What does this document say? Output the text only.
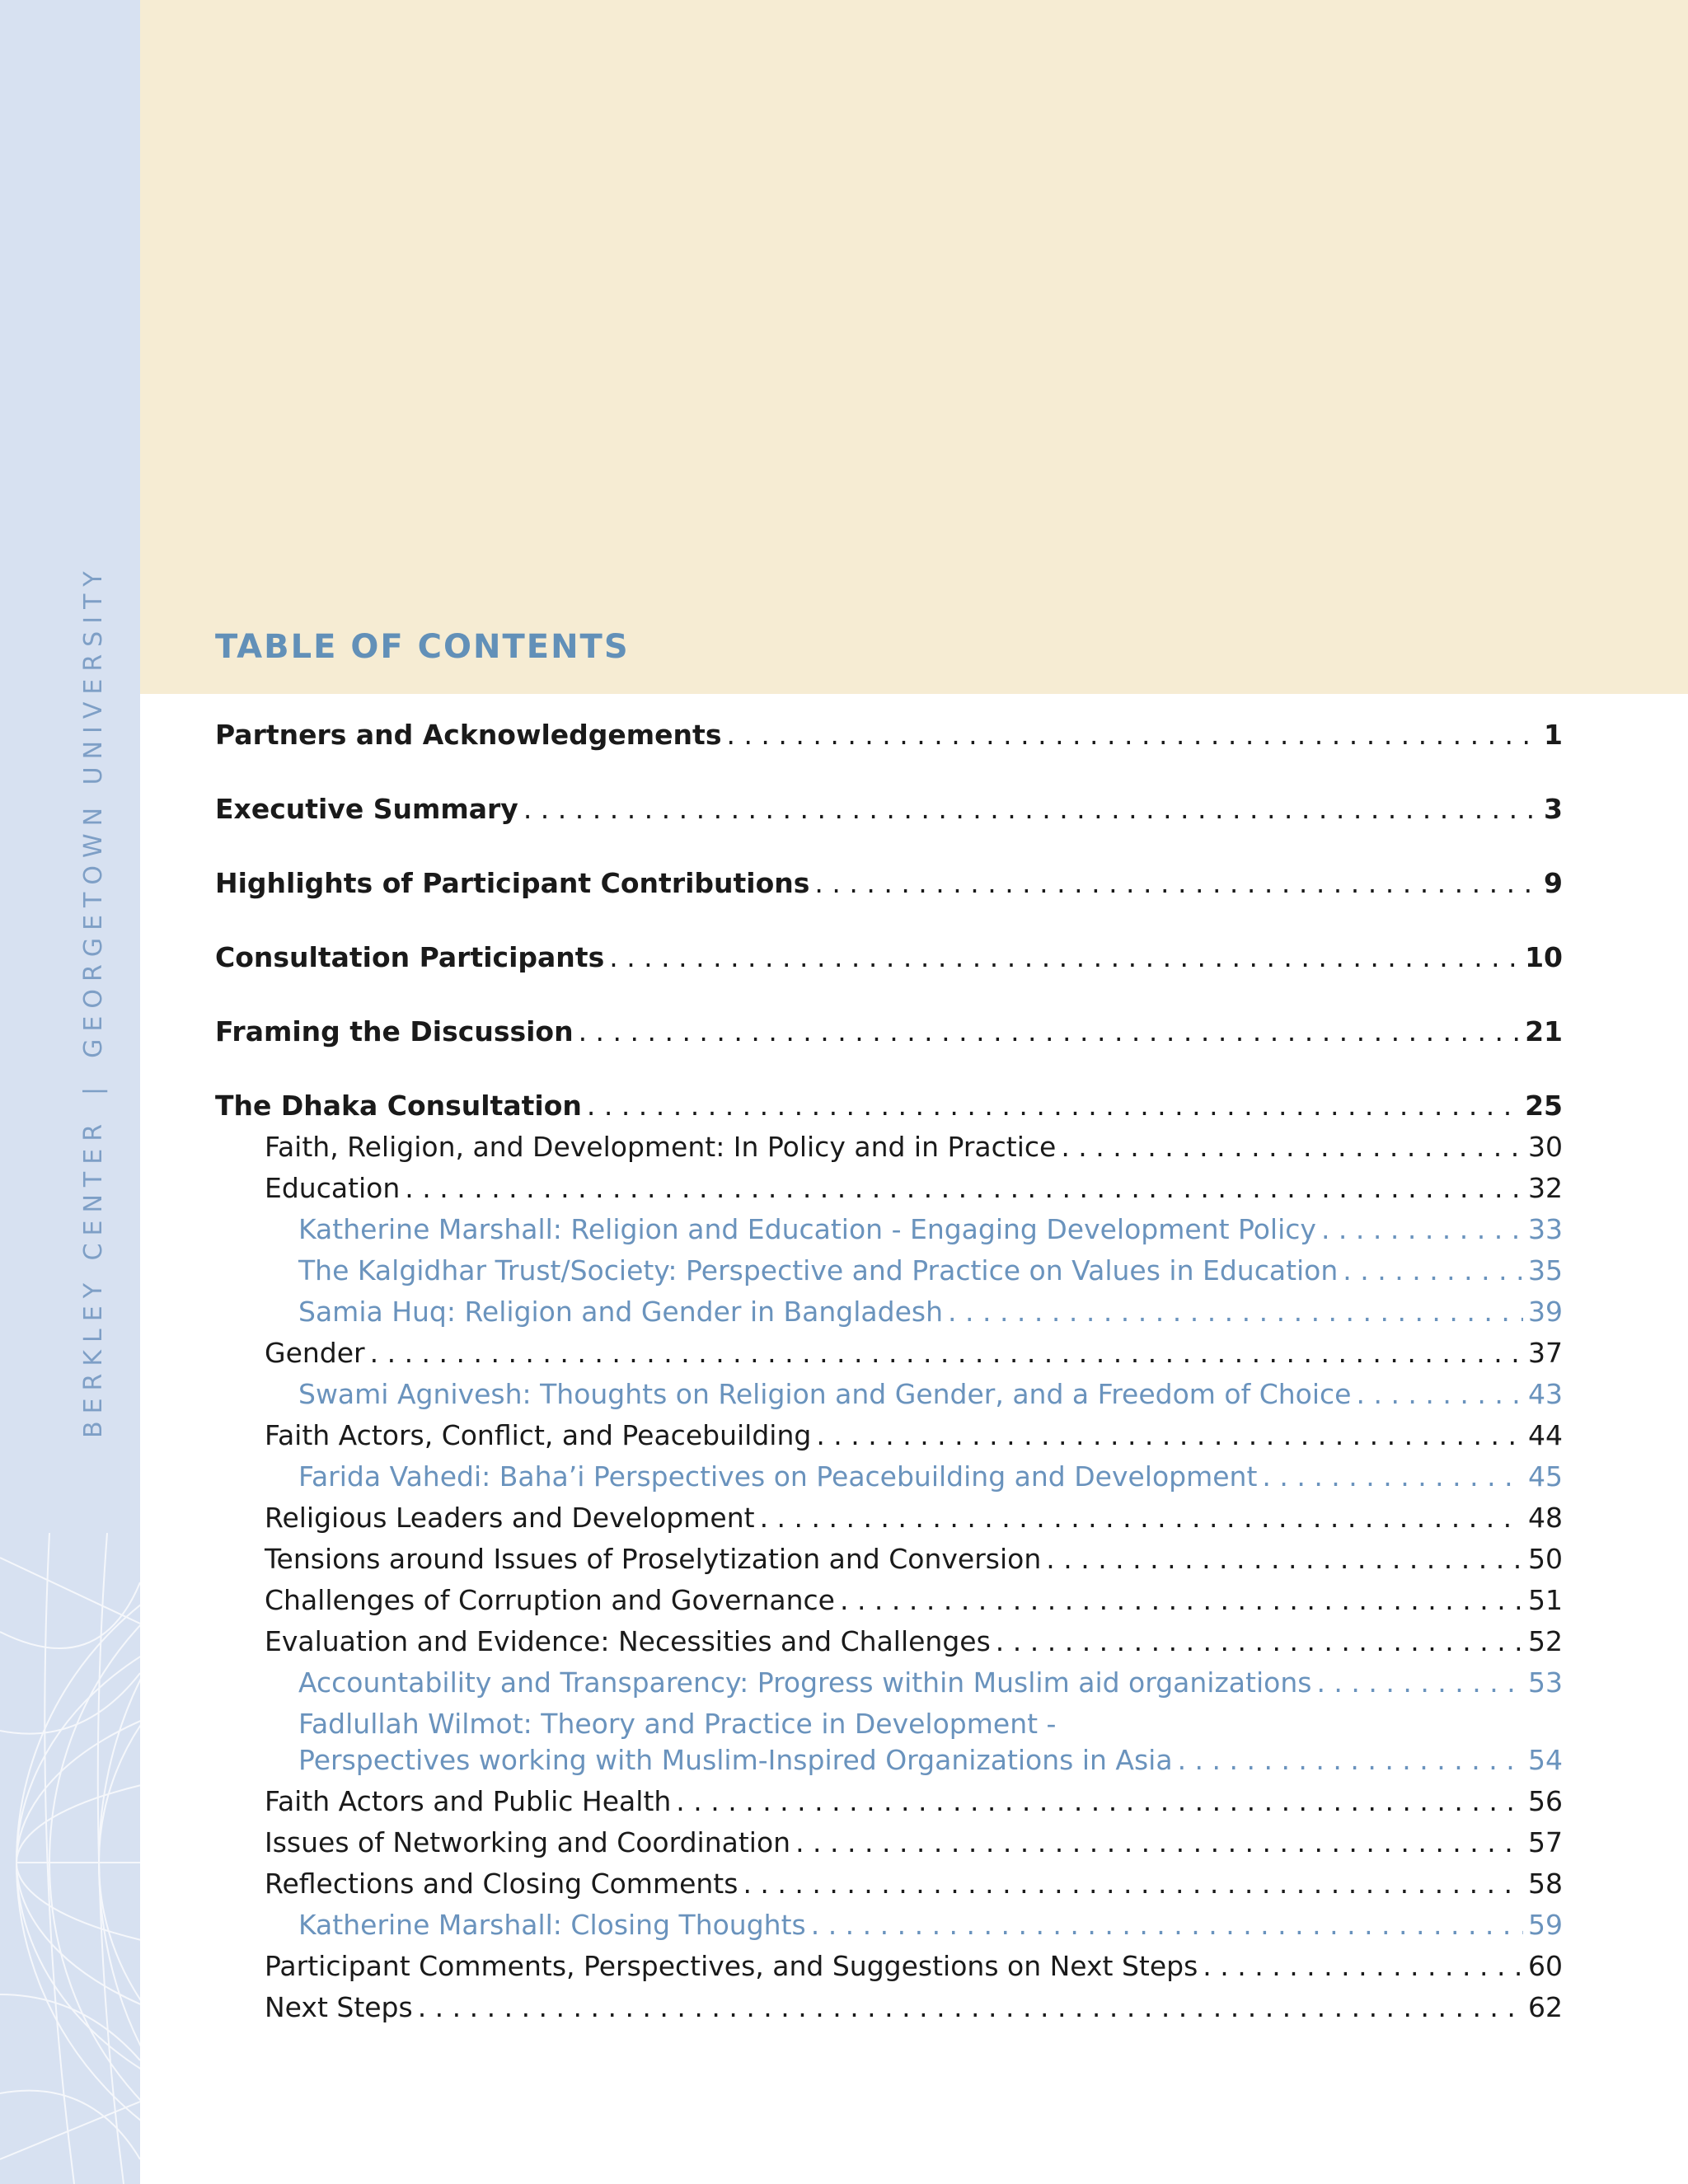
BERKLEY CENTER|GEORGETOWN UNIVERSITY	TABLE OF CONTENTS
Partners and Acknowledgements . . .	1
Executive Summary . . .	3
Highlights of Participant Contributions . . .	9
Consultation Participants . . .	10
Framing the Discussion . . .	21
The Dhaka Consultation . . .	25
Faith, Religion, and Development: In Policy and in Practice . . .	30
Education . . .	32
Katherine Marshall: Religion and Education - Engaging Development Policy . . .	33
The Kalgidhar Trust/Society: Perspective and Practice on Values in Education . . .	35
Samia Huq: Religion and Gender in Bangladesh . . .	39
Gender . . .	37
Swami Agnivesh: Thoughts on Religion and Gender, and a Freedom of Choice . . .	43
Faith Actors, Conflict, and Peacebuilding . . .	44
Farida Vahedi: Baha’i Perspectives on Peacebuilding and Development . . .	45
Religious Leaders and Development . . .	48
Tensions around Issues of Proselytization and Conversion . . .	50
Challenges of Corruption and Governance . . .	51
Evaluation and Evidence: Necessities and Challenges . . .	52
Accountability and Transparency: Progress within Muslim aid organizations . . .	53
Fadlullah Wilmot: Theory and Practice in Development -
Perspectives working with Muslim-Inspired Organizations in Asia . . .	54
Faith Actors and Public Health . . .	56
Issues of Networking and Coordination . . .	57
Reflections and Closing Comments . . .	58
Katherine Marshall: Closing Thoughts . . .	59
Participant Comments, Perspectives, and Suggestions on Next Steps . . .	60
Next Steps . . .	62
